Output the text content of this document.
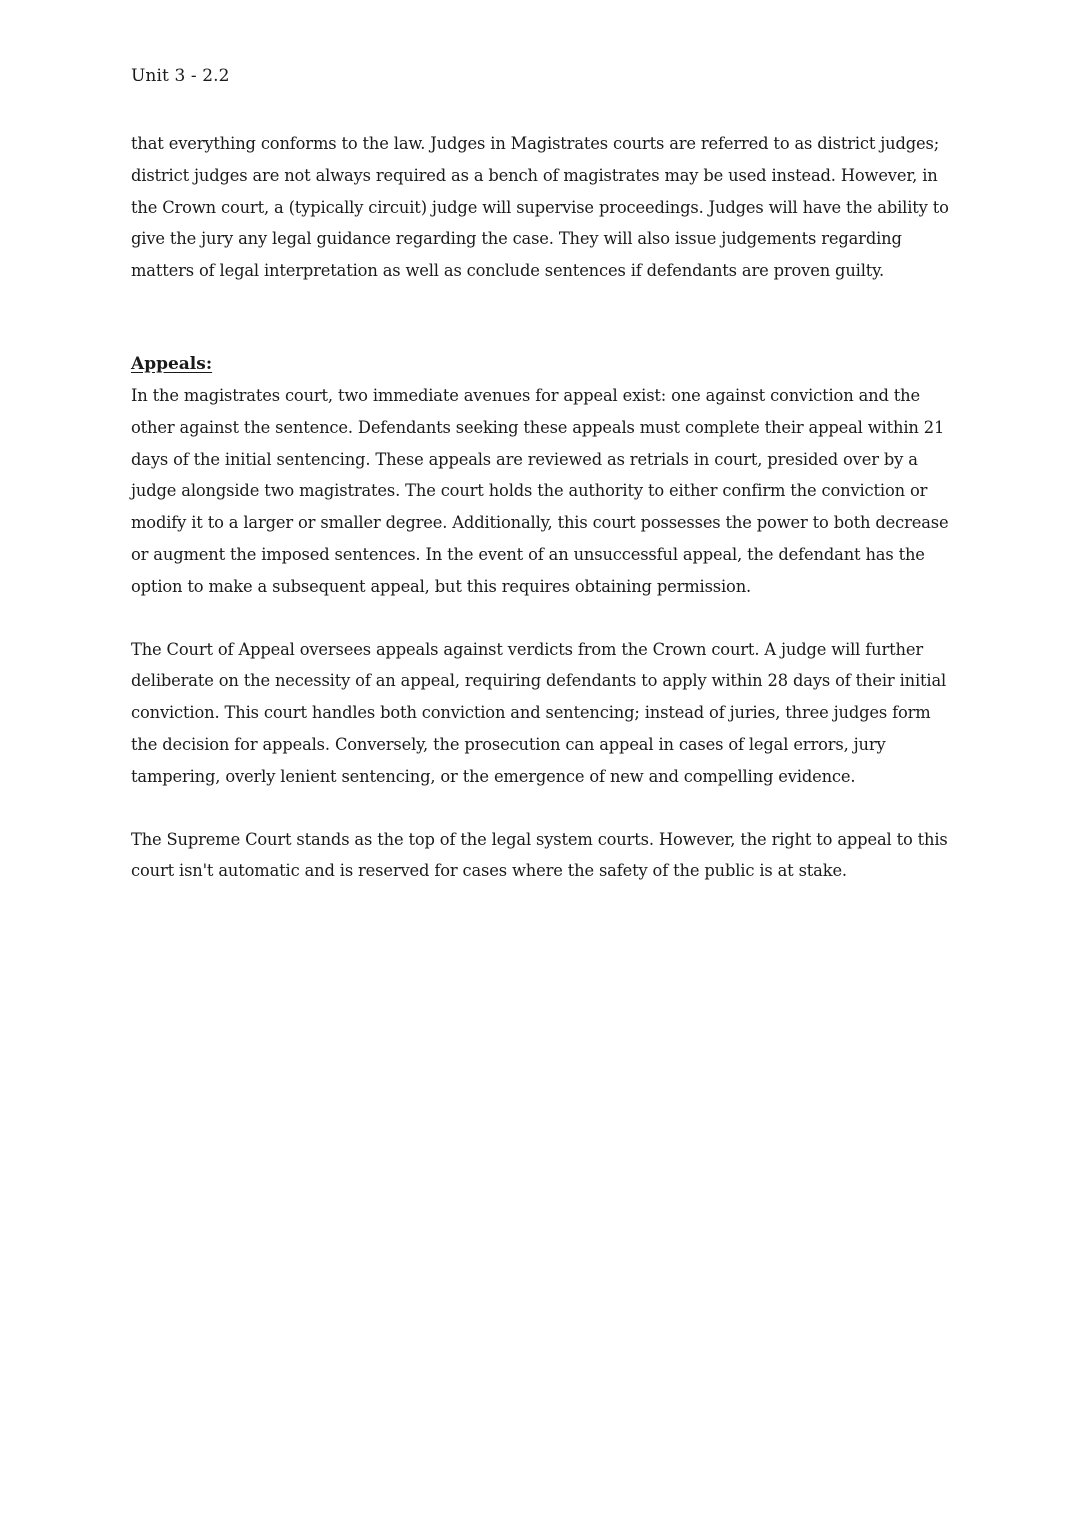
Unit 3 - 2.2

that everything conforms to the law. Judges in Magistrates courts are referred to as district judges; district judges are not always required as a bench of magistrates may be used instead. However, in the Crown court, a (typically circuit) judge will supervise proceedings. Judges will have the ability to give the jury any legal guidance regarding the case. They will also issue judgements regarding matters of legal interpretation as well as conclude sentences if defendants are proven guilty.

Appeals:

In the magistrates court, two immediate avenues for appeal exist: one against conviction and the other against the sentence. Defendants seeking these appeals must complete their appeal within 21 days of the initial sentencing. These appeals are reviewed as retrials in court, presided over by a judge alongside two magistrates. The court holds the authority to either confirm the conviction or modify it to a larger or smaller degree. Additionally, this court possesses the power to both decrease or augment the imposed sentences. In the event of an unsuccessful appeal, the defendant has the option to make a subsequent appeal, but this requires obtaining permission.

The Court of Appeal oversees appeals against verdicts from the Crown court. A judge will further deliberate on the necessity of an appeal, requiring defendants to apply within 28 days of their initial conviction. This court handles both conviction and sentencing; instead of juries, three judges form the decision for appeals. Conversely, the prosecution can appeal in cases of legal errors, jury tampering, overly lenient sentencing, or the emergence of new and compelling evidence.

The Supreme Court stands as the top of the legal system courts. However, the right to appeal to this court isn't automatic and is reserved for cases where the safety of the public is at stake.
